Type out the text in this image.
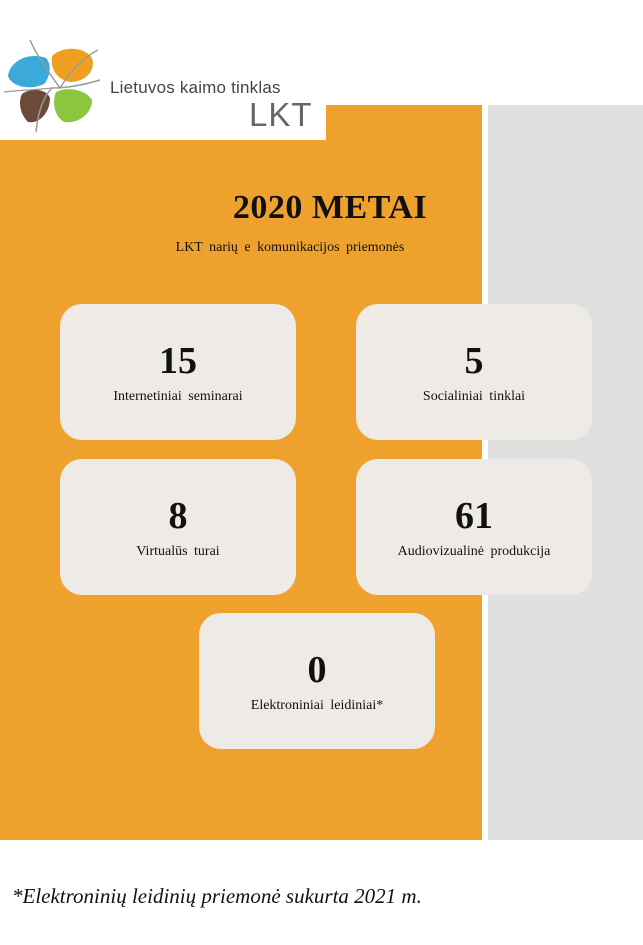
Lietuvos kaimo tinklas
LKT
2020 METAI
LKT narių e komunikacijos priemonės
15
Internetiniai seminarai
5
Socialiniai tinklai
8
Virtualūs turai
61
Audiovizualinė produkcija
0
Elektroniniai leidiniai*
*Elektroninių leidinių priemonė sukurta 2021 m.
